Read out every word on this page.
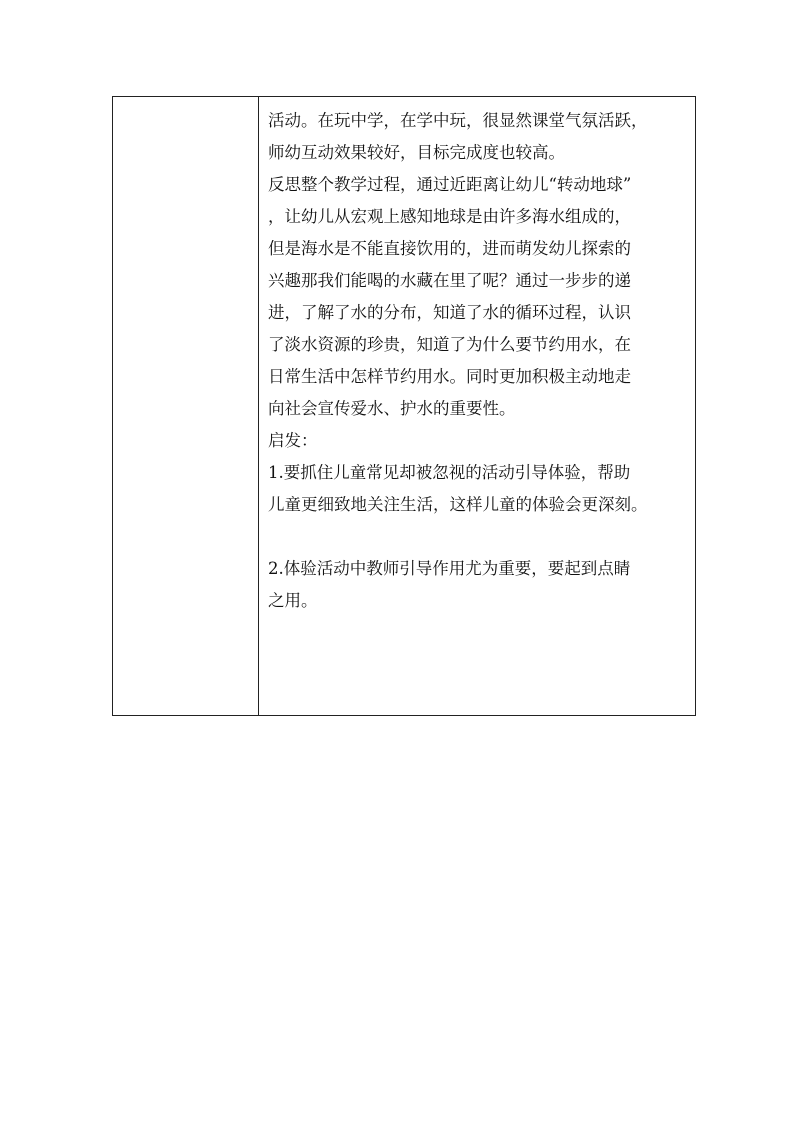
活动。在玩中学，在学中玩，很显然课堂气氛活跃，
师幼互动效果较好，目标完成度也较高。
反思整个教学过程，通过近距离让幼儿“转动地球”
，让幼儿从宏观上感知地球是由许多海水组成的，
但是海水是不能直接饮用的，进而萌发幼儿探索的
兴趣那我们能喝的水藏在里了呢？通过一步步的递
进，了解了水的分布，知道了水的循环过程，认识
了淡水资源的珍贵，知道了为什么要节约用水，在
日常生活中怎样节约用水。同时更加积极主动地走
向社会宣传爱水、护水的重要性。
启发：
1.要抓住儿童常见却被忽视的活动引导体验，帮助
儿童更细致地关注生活，这样儿童的体验会更深刻。
2.体验活动中教师引导作用尤为重要，要起到点睛
之用。
